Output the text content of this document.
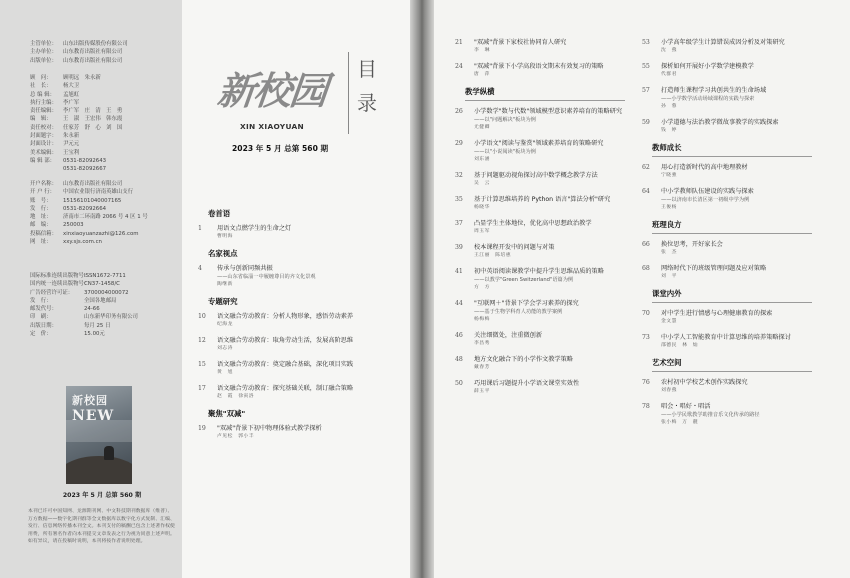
主管单位：	山东出版传媒股份有限公司
主办单位：	山东教育出版社有限公司
出版单位：	山东教育出版社有限公司
顾　问：	顾明远　朱永新
社　长：	杨大卫
总 编 辑：	孟旭虹
执行主编：	李广军
责任编辑：	李广军　庄　清　王　勇
编　辑：	王　淑　王宏伟　韩东霞
责任校对：	任家芳　舒　心　刘　国
封面题字：	朱永新
封面设计：	尹元元
美术编辑：	王宝利
编 辑 部：	0531-82092643
0531-82092667
开户名称：	山东教育出版社有限公司
开 户 行：	中国农业银行济南英雄山支行
账　号：	15156101040007165
发　行：	0531-82092664
地　址：	济南市二环南路 2066 号 4 区 1 号
邮　编：	250003
投稿信箱：	xinxiaoyuanzazhi@126.com
网　址：	xxy.sjs.com.cn
国际标准连续出版物号：
ISSN1672-7711
国内统一连续出版物号：
CN37-1458/C
广告经营许可证：	3700004000072
发　行：	全国各地邮局
邮发代号：	24-66
印　刷：	山东新华印务有限公司
出版日期：	每月 25 日
定　价：	15.00元
新校园
NEW
2023 年 5 月 总第 560 期
本刊已许可中国知网、龙源期刊网、中文科技期刊数据库（维普）、万方数据——数字化期刊群等全文数据库以数字化方式复制、汇编、发行、信息网络传播本刊全文。本刊支付的稿酬已包含上述著作权使用费，所有署名作者向本刊提交文章发表之行为视为同意上述声明。如有异议，请在投稿时说明，本刊将按作者说明处理。
新校园 目录
XIN XIAOYUAN
2023 年 5 月 总第 560 期
卷首语
1	用语文点燃学生的生命之灯
曹明海
名家视点
4	传承与创新同频共振
——山东省临淄一中履缠尊目的齐文化景观
陶继新
专题研究
10	语文融合劳动教育：分析人物形象，感悟劳动素养
纪海龙
12	语文融合劳动教育：取角劳动生活，发展高阶思维
刘志涛
15	语文融合劳动教育：奠定融合基础，深化项目实践
黄　旭
17	语文融合劳动教育：探究基础关联，制订融合策略
赵　霞　徐寅洛
聚焦"双减"
19	"双减"背景下初中物理体验式教学探析
卢见松　郭小丰
21	"双减"背景下家校社协同育人研究
李　琳
24	"双减"背景下小学高段语文期末有效复习的策略
唐　萍
教学纵横
26	小学数学"数与代数"领域模型意识素养培育的策略研究
——以"问题解决"板块为例
尤健卿
29	小学语文"阅读与鉴赏"领域素养培育的策略研究
——以"小说阅读"板块为例
刘东涵
32	基于问题驱动视角探讨高中数学概念教学方法
吴　云
35	基于计算思维培养的 Python 语言"算法分析"研究
杨晓华
37	凸显学生主体地位，优化高中思想政治教学
周玉军
39	校本课程开发中的问题与对策
王江丽　陈培惠
41	初中英语阅读课教学中提升学生思维品质的策略
——以教学"Green Switzerland"语篇为例
方　方
44	"互联网＋"背景下学会学习素养的探究
——基于生物学科育人功能的教学案例
杨梅梅
46	关注细微处，注重微创新
李昌秀
48	地方文化融合下的小学作文教学策略
戴春芳
50	巧用课后习题提升小学语文课堂实效性
薛玉平
53	小学高年级学生计算错误成因分析及对策研究
沈　燕
55	探析如何开展好小学数学建模教学
代群君
57	打造师生课程学习共创共生的生命场域
——小学数学活动场域课程的实践与探索
孙　蓉
59	小学道德与法治教学微故事教学的实践探索
钱　婷
教师成长
62	用心打造新时代的高中地理教材
宁晓強
64	中小学教师队伍建设的实践与探索
——以济南市长清区第一初级中学为例
王俊杨
班理良方
66	换位思考，开好家长会
张　杰
68	网络时代下的班级管理问题及应对策略
刘　平
课堂内外
70	对中学生进行情感与心理健康教育的探索
金文慧
73	中小学人工智能教育中计算思维的培养策略探讨
邵德民　林　灿
艺术空间
76	农村初中学校艺术创作实践探究
刘春燕
78	唱会・唱好・唱活
——小学民歌教学助推音乐文化传承的路径
张小梅　万　靓
